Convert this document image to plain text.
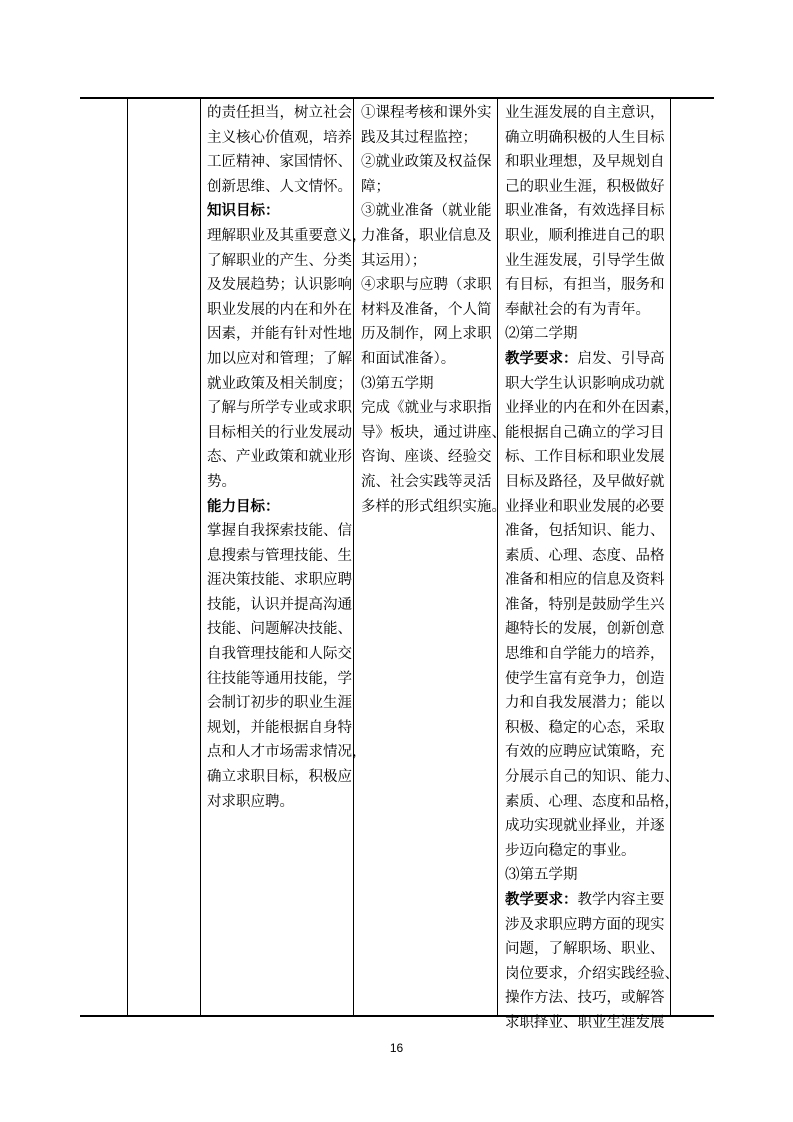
的责任担当，树立社会
主义核心价值观，培养
工匠精神、家国情怀、
创新思维、人文情怀。
知识目标：
理解职业及其重要意义，
了解职业的产生、分类
及发展趋势；认识影响
职业发展的内在和外在
因素，并能有针对性地
加以应对和管理；了解
就业政策及相关制度；
了解与所学专业或求职
目标相关的行业发展动
态、产业政策和就业形
势。
能力目标：
掌握自我探索技能、信
息搜索与管理技能、生
涯决策技能、求职应聘
技能，认识并提高沟通
技能、问题解决技能、
自我管理技能和人际交
往技能等通用技能，学
会制订初步的职业生涯
规划，并能根据自身特
点和人才市场需求情况，
确立求职目标，积极应
对求职应聘。
①课程考核和课外实
践及其过程监控；
②就业政策及权益保
障；
③就业准备（就业能
力准备，职业信息及
其运用）；
④求职与应聘（求职
材料及准备，个人简
历及制作，网上求职
和面试准备）。
⑶第五学期
完成《就业与求职指
导》板块，通过讲座、
咨询、座谈、经验交
流、社会实践等灵活
多样的形式组织实施。
业生涯发展的自主意识，
确立明确积极的人生目标
和职业理想，及早规划自
己的职业生涯，积极做好
职业准备，有效选择目标
职业，顺利推进自己的职
业生涯发展，引导学生做
有目标，有担当，服务和
奉献社会的有为青年。
⑵第二学期
教学要求：启发、引导高
职大学生认识影响成功就
业择业的内在和外在因素，
能根据自己确立的学习目
标、工作目标和职业发展
目标及路径，及早做好就
业择业和职业发展的必要
准备，包括知识、能力、
素质、心理、态度、品格
准备和相应的信息及资料
准备，特别是鼓励学生兴
趣特长的发展，创新创意
思维和自学能力的培养，
使学生富有竞争力，创造
力和自我发展潜力；能以
积极、稳定的心态，采取
有效的应聘应试策略，充
分展示自己的知识、能力、
素质、心理、态度和品格，
成功实现就业择业，并逐
步迈向稳定的事业。
⑶第五学期
教学要求：教学内容主要
涉及求职应聘方面的现实
问题，了解职场、职业、
岗位要求，介绍实践经验、
操作方法、技巧，或解答
求职择业、职业生涯发展
16
